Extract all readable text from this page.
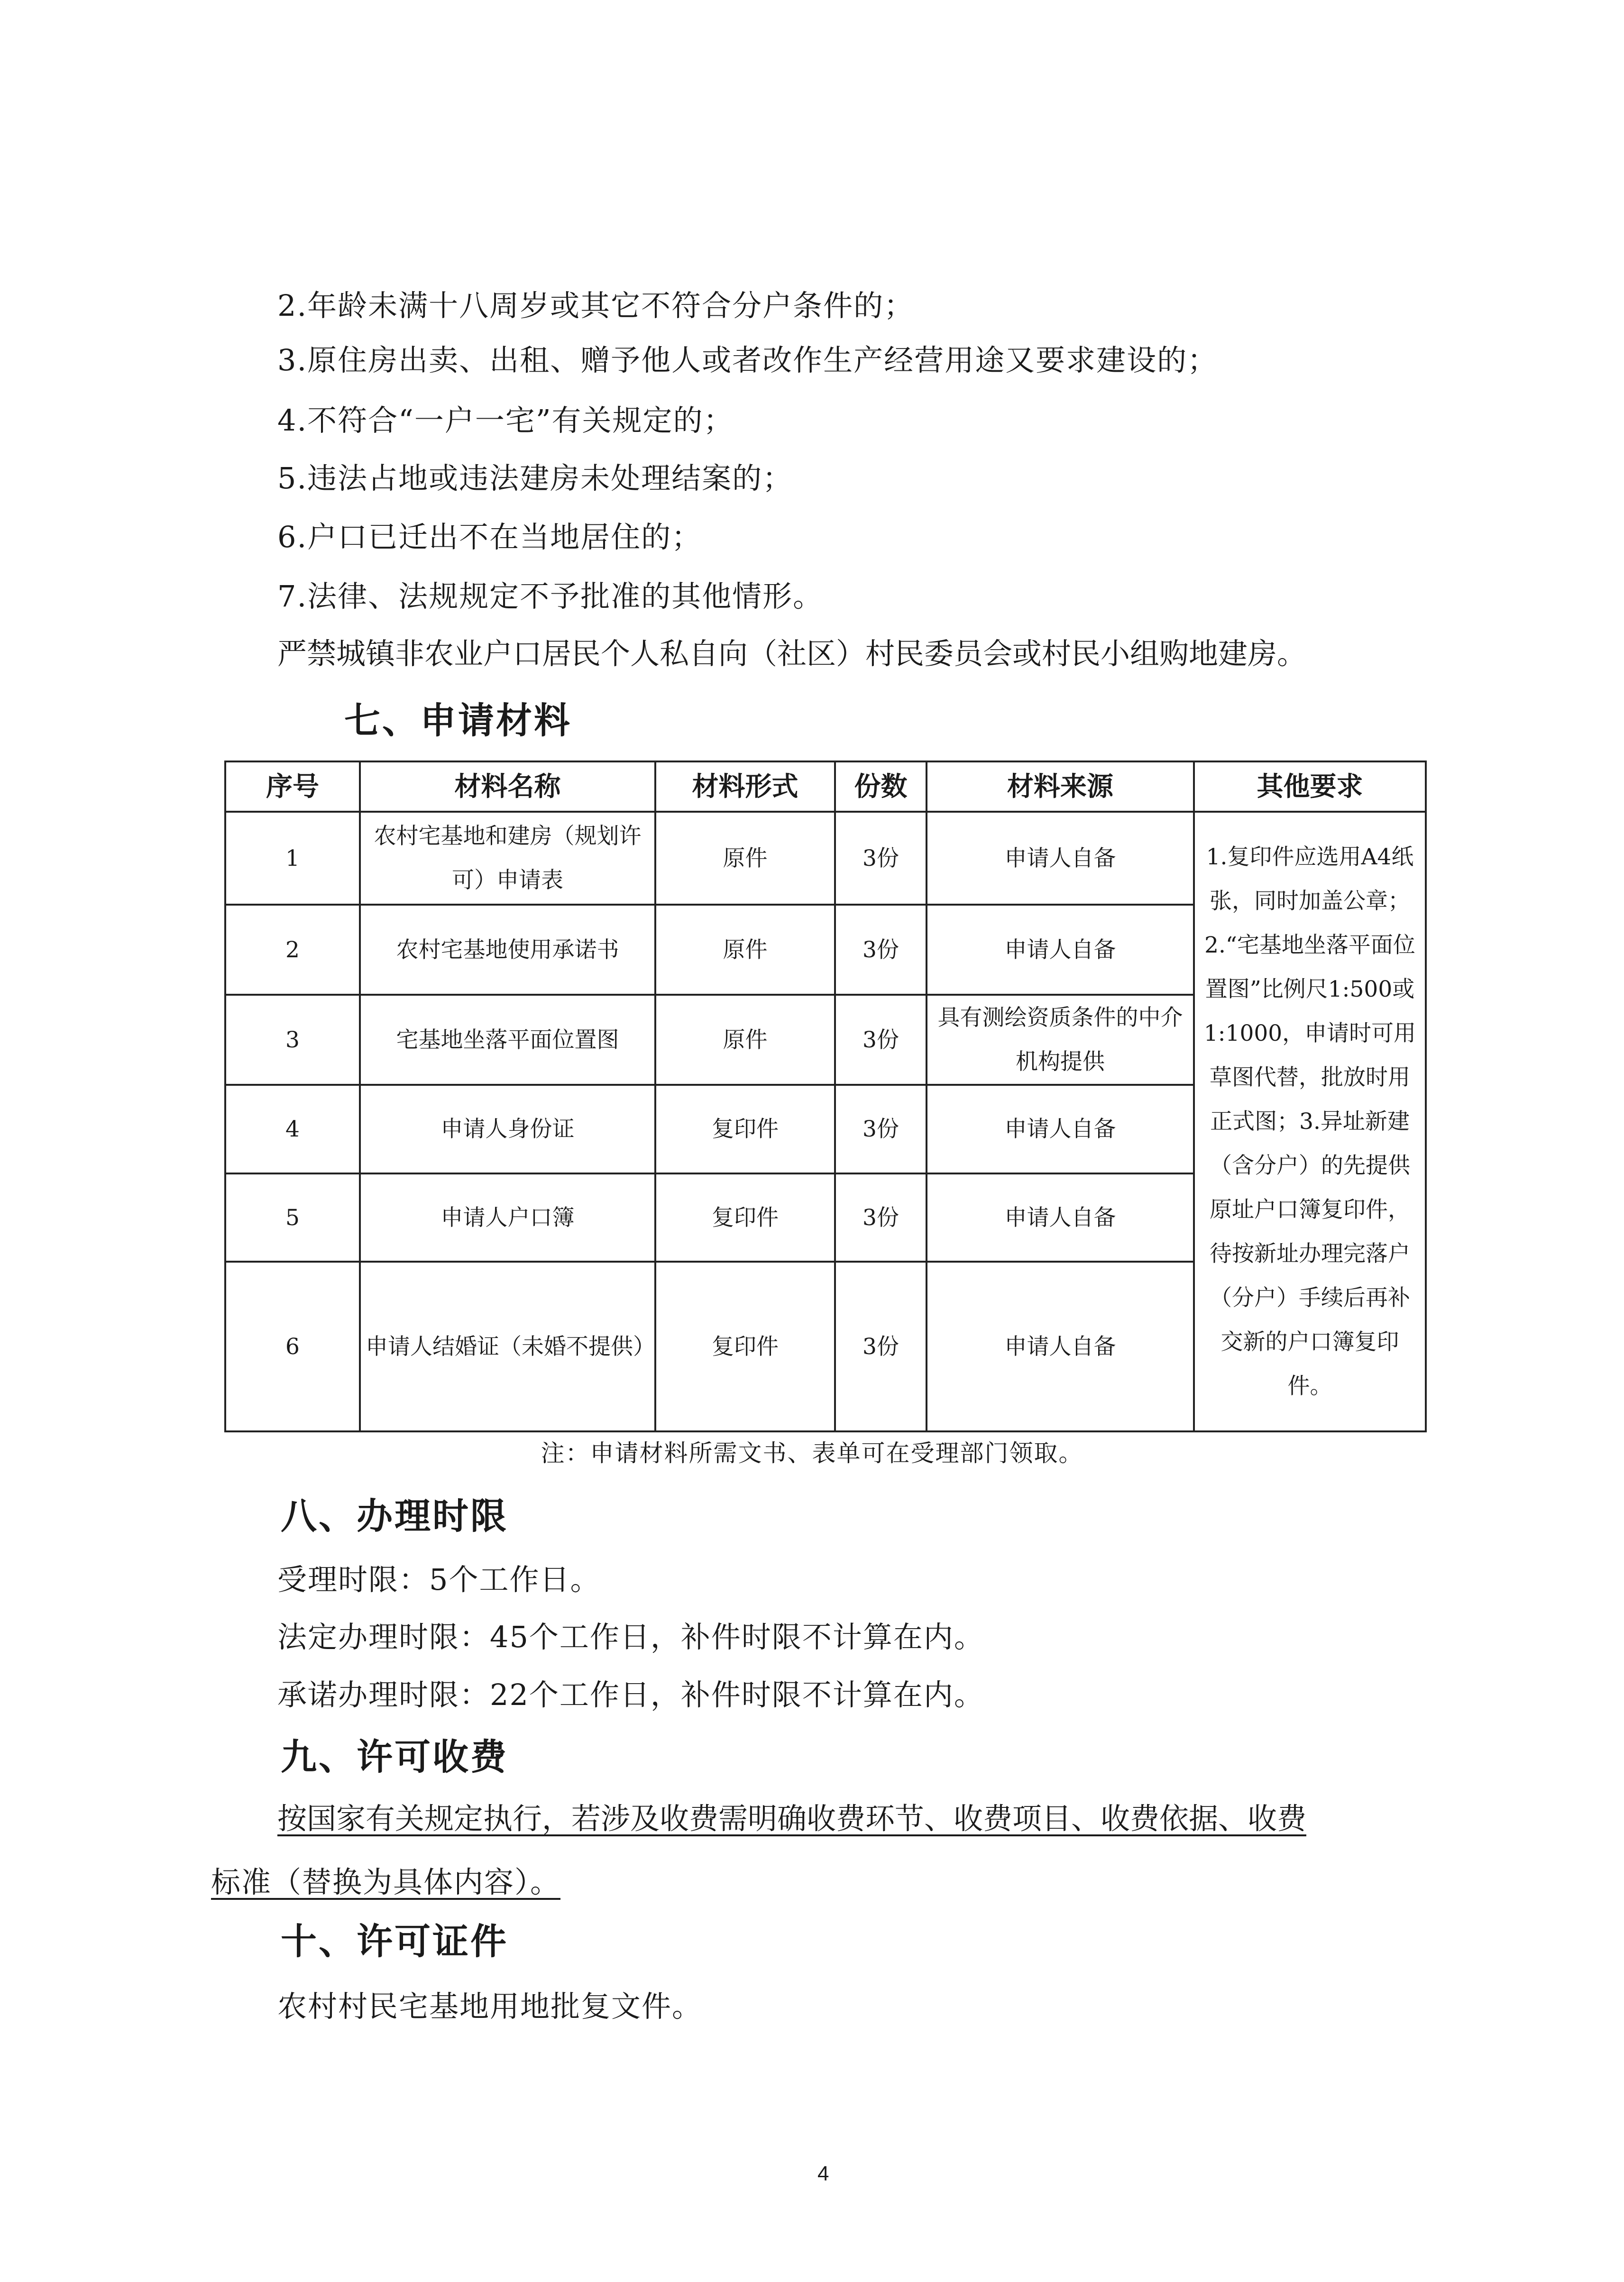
2.年龄未满十八周岁或其它不符合分户条件的；
3.原住房出卖、出租、赠予他人或者改作生产经营用途又要求建设的；
4.不符合“一户一宅”有关规定的；
5.违法占地或违法建房未处理结案的；
6.户口已迁出不在当地居住的；
7.法律、法规规定不予批准的其他情形。
严禁城镇非农业户口居民个人私自向（社区）村民委员会或村民小组购地建房。
七、申请材料
序号	材料名称	材料形式	份数	材料来源	其他要求
1	农村宅基地和建房（规划许可）申请表	原件	3份	申请人自备	1.复印件应选用A4纸张，同时加盖公章；2.“宅基地坐落平面位置图”比例尺1:500或1:1000，申请时可用草图代替，批放时用正式图；3.异址新建（含分户）的先提供原址户口簿复印件，待按新址办理完落户（分户）手续后再补交新的户口簿复印件。
2	农村宅基地使用承诺书	原件	3份	申请人自备	
3	宅基地坐落平面位置图	原件	3份	具有测绘资质条件的中介机构提供	
4	申请人身份证	复印件	3份	申请人自备	
5	申请人户口簿	复印件	3份	申请人自备	
6	申请人结婚证（未婚不提供）	复印件	3份	申请人自备	
注：申请材料所需文书、表单可在受理部门领取。
八、办理时限
受理时限：5个工作日。
法定办理时限：45个工作日，补件时限不计算在内。
承诺办理时限：22个工作日，补件时限不计算在内。
九、许可收费
按国家有关规定执行，若涉及收费需明确收费环节、收费项目、收费依据、收费
标准（替换为具体内容）。
十、许可证件
农村村民宅基地用地批复文件。
4
